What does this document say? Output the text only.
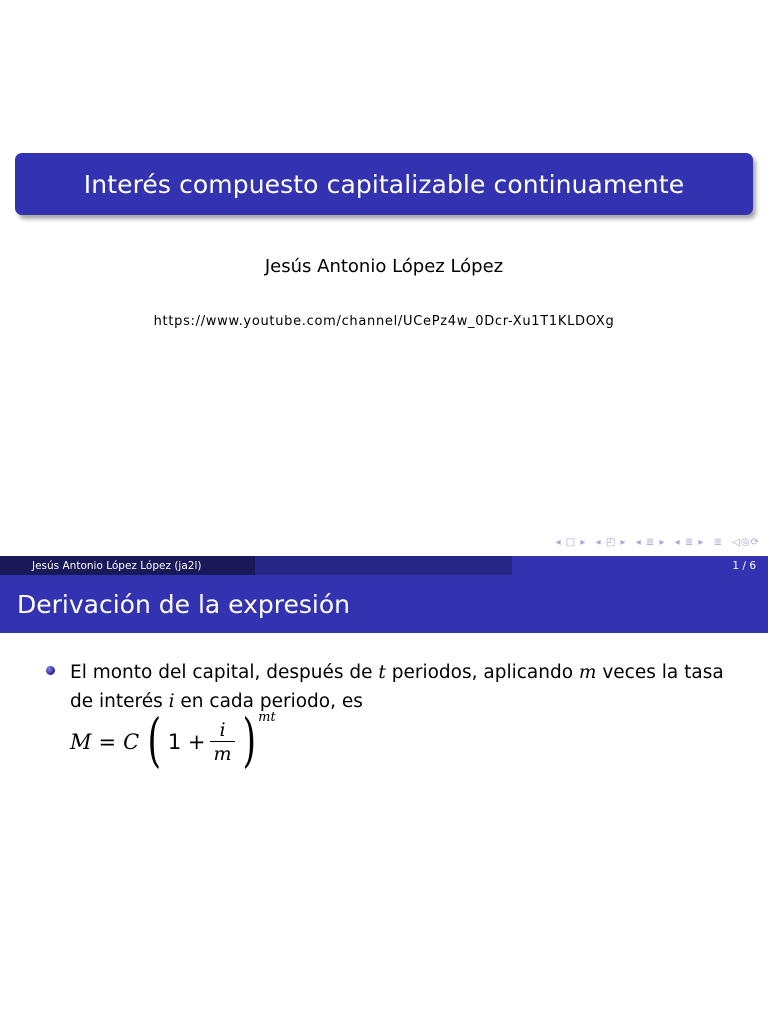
Interés compuesto capitalizable continuamente
Jesús Antonio López López
https://www.youtube.com/channel/UCePz4w_0Dcr-Xu1T1KLDOXg
◂ □ ▸ ◂ ◰ ▸ ◂ ≣ ▸ ◂ ≣ ▸ ≣ ◁◎⟳
Jesús Antonio López López (ja2l)	1 / 6
Derivación de la expresión
El monto del capital, después de t periodos, aplicando m veces la tasa de interés i en cada periodo, es
M = C ( $1 + \frac{i}{m}$ ) mt
